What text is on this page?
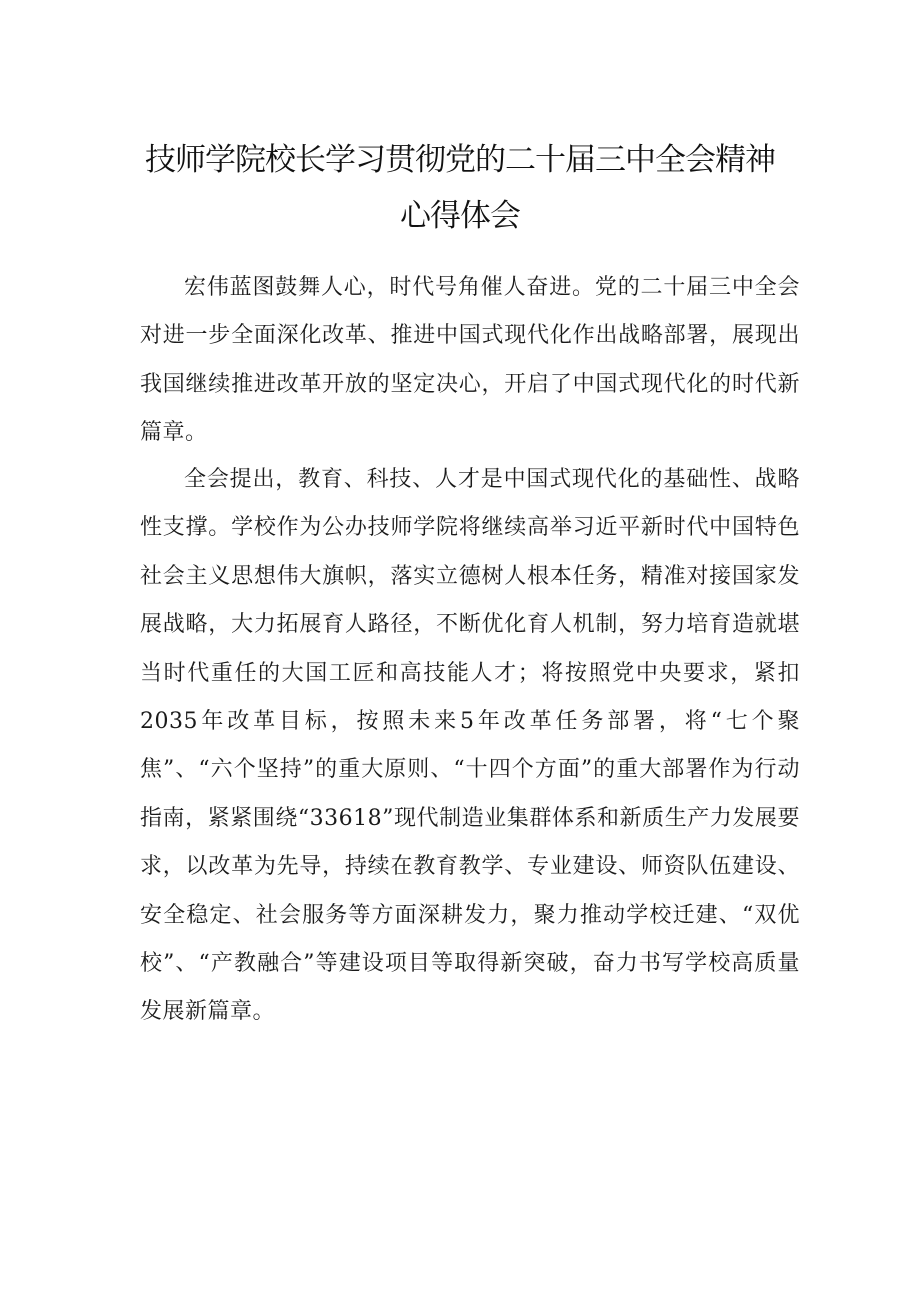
技师学院校长学习贯彻党的二十届三中全会精神
心得体会

宏伟蓝图鼓舞人心，时代号角催人奋进。党的二十届三中全会对进一步全面深化改革、推进中国式现代化作出战略部署，展现出我国继续推进改革开放的坚定决心，开启了中国式现代化的时代新篇章。

全会提出，教育、科技、人才是中国式现代化的基础性、战略性支撑。学校作为公办技师学院将继续高举习近平新时代中国特色社会主义思想伟大旗帜，落实立德树人根本任务，精准对接国家发展战略，大力拓展育人路径，不断优化育人机制，努力培育造就堪当时代重任的大国工匠和高技能人才；将按照党中央要求，紧扣2035年改革目标，按照未来5年改革任务部署，将“七个聚焦”、“六个坚持”的重大原则、“十四个方面”的重大部署作为行动指南，紧紧围绕“33618”现代制造业集群体系和新质生产力发展要求，以改革为先导，持续在教育教学、专业建设、师资队伍建设、安全稳定、社会服务等方面深耕发力，聚力推动学校迁建、“双优校”、“产教融合”等建设项目等取得新突破，奋力书写学校高质量发展新篇章。
